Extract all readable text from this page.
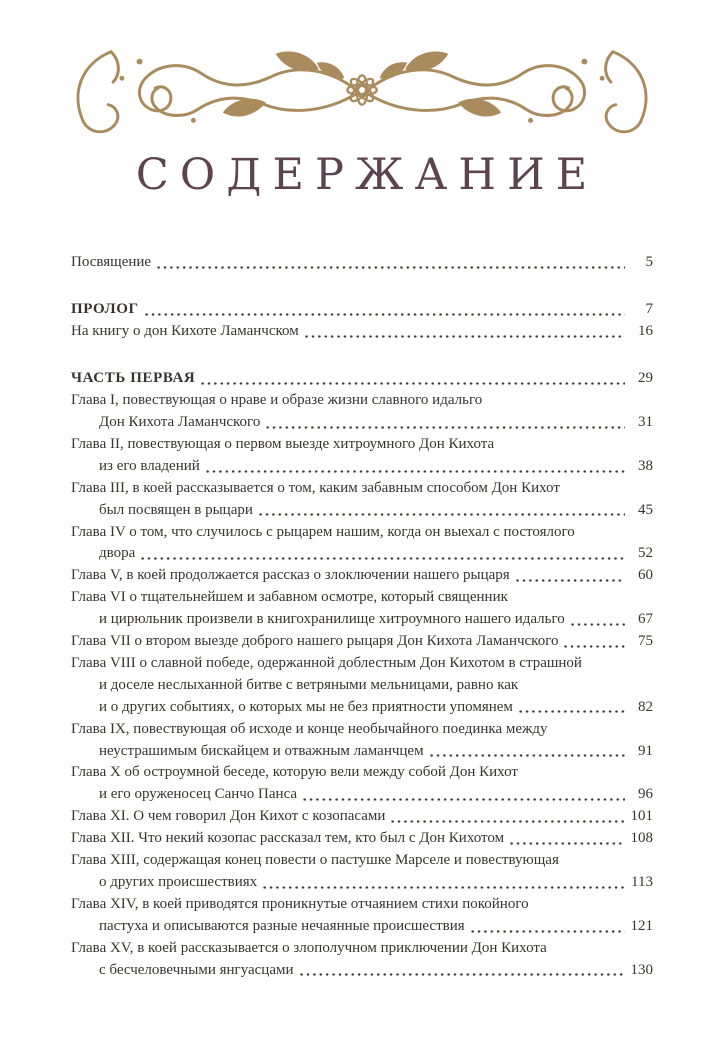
СОДЕРЖАНИЕ
Посвящение	5
ПРОЛОГ	7
На книгу о дон Кихоте Ламанчском	16
ЧАСТЬ ПЕРВАЯ	29
Глава I, повествующая о нраве и образе жизни славного идальго
Дон Кихота Ламанчского	31
Глава II, повествующая о первом выезде хитроумного Дон Кихота
из его владений	38
Глава III, в коей рассказывается о том, каким забавным способом Дон Кихот
был посвящен в рыцари	45
Глава IV о том, что случилось с рыцарем нашим, когда он выехал с постоялого
двора	52
Глава V, в коей продолжается рассказ о злоключении нашего рыцаря	60
Глава VI о тщательнейшем и забавном осмотре, который священник
и цирюльник произвели в книгохранилище хитроумного нашего идальго	67
Глава VII о втором выезде доброго нашего рыцаря Дон Кихота Ламанчского	75
Глава VIII о славной победе, одержанной доблестным Дон Кихотом в страшной
и доселе неслыханной битве с ветряными мельницами, равно как
и о других событиях, о которых мы не без приятности упомянем	82
Глава IX, повествующая об исходе и конце необычайного поединка между
неустрашимым бискайцем и отважным ламанчцем	91
Глава X об остроумной беседе, которую вели между собой Дон Кихот
и его оруженосец Санчо Панса	96
Глава XI. О чем говорил Дон Кихот с козопасами	101
Глава XII. Что некий козопас рассказал тем, кто был с Дон Кихотом	108
Глава XIII, содержащая конец повести о пастушке Марселе и повествующая
о других происшествиях	113
Глава XIV, в коей приводятся проникнутые отчаянием стихи покойного
пастуха и описываются разные нечаянные происшествия	121
Глава XV, в коей рассказывается о злополучном приключении Дон Кихота
с бесчеловечными янгуасцами	130
